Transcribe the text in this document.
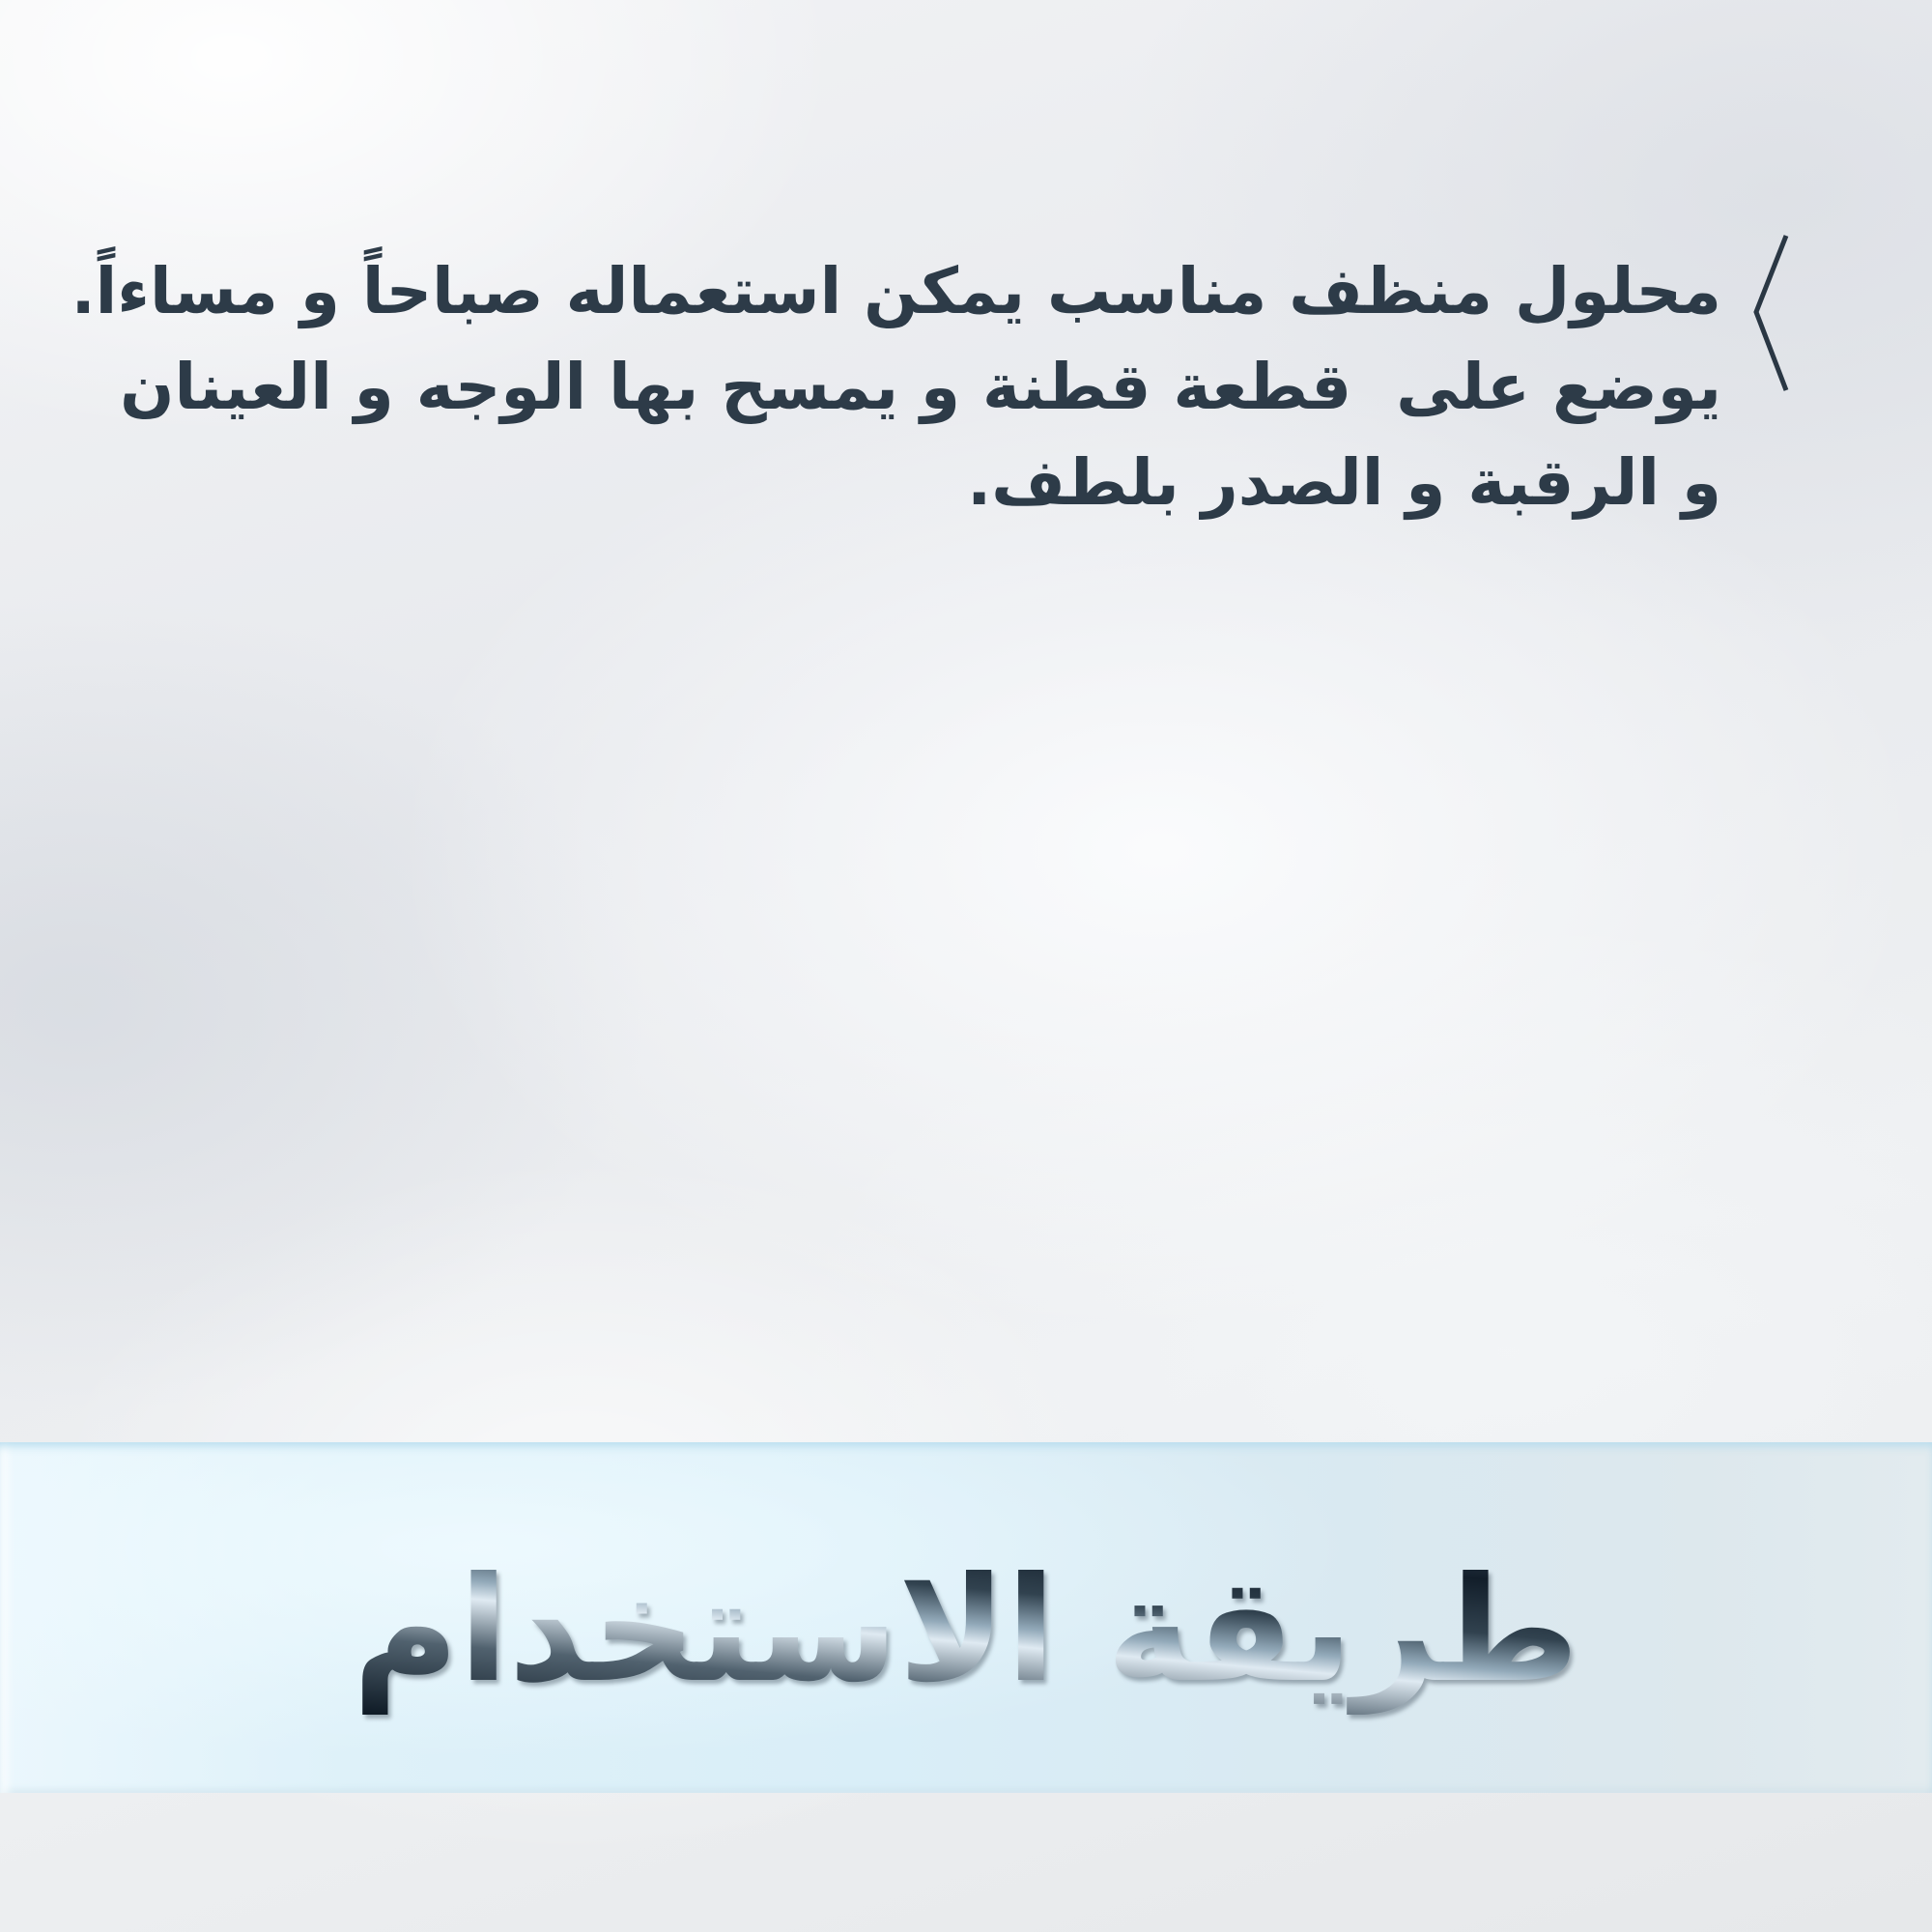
محلول منظف مناسب يمكن استعماله صباحاً و مساءاً.

يوضع على  قطعة قطنة و يمسح بها الوجه و العينان

و الرقبة و الصدر بلطف.

طريقة الاستخدام
